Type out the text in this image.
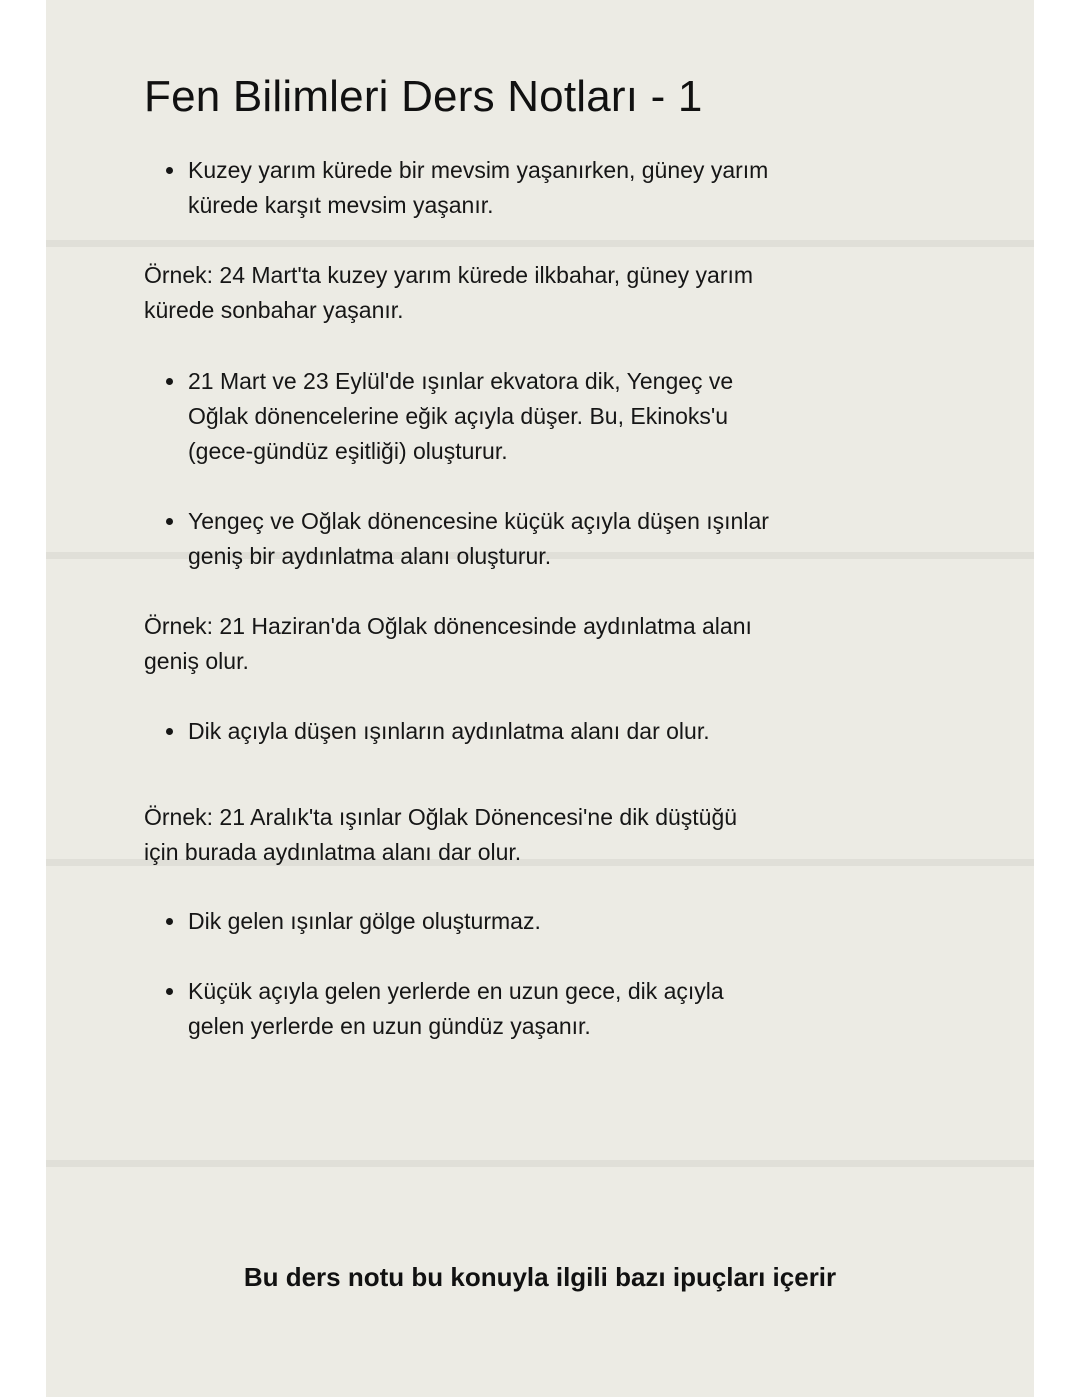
Fen Bilimleri Ders Notları - 1
Kuzey yarım kürede bir mevsim yaşanırken, güney yarım
kürede karşıt mevsim yaşanır.
Örnek: 24 Mart'ta kuzey yarım kürede ilkbahar, güney yarım
kürede sonbahar yaşanır.
21 Mart ve 23 Eylül'de ışınlar ekvatora dik, Yengeç ve
Oğlak dönencelerine eğik açıyla düşer. Bu, Ekinoks'u
(gece-gündüz eşitliği) oluşturur.
Yengeç ve Oğlak dönencesine küçük açıyla düşen ışınlar
geniş bir aydınlatma alanı oluşturur.
Örnek: 21 Haziran'da Oğlak dönencesinde aydınlatma alanı
geniş olur.
Dik açıyla düşen ışınların aydınlatma alanı dar olur.
Örnek: 21 Aralık'ta ışınlar Oğlak Dönencesi'ne dik düştüğü
için burada aydınlatma alanı dar olur.
Dik gelen ışınlar gölge oluşturmaz.
Küçük açıyla gelen yerlerde en uzun gece, dik açıyla
gelen yerlerde en uzun gündüz yaşanır.
Bu ders notu bu konuyla ilgili bazı ipuçları içerir
